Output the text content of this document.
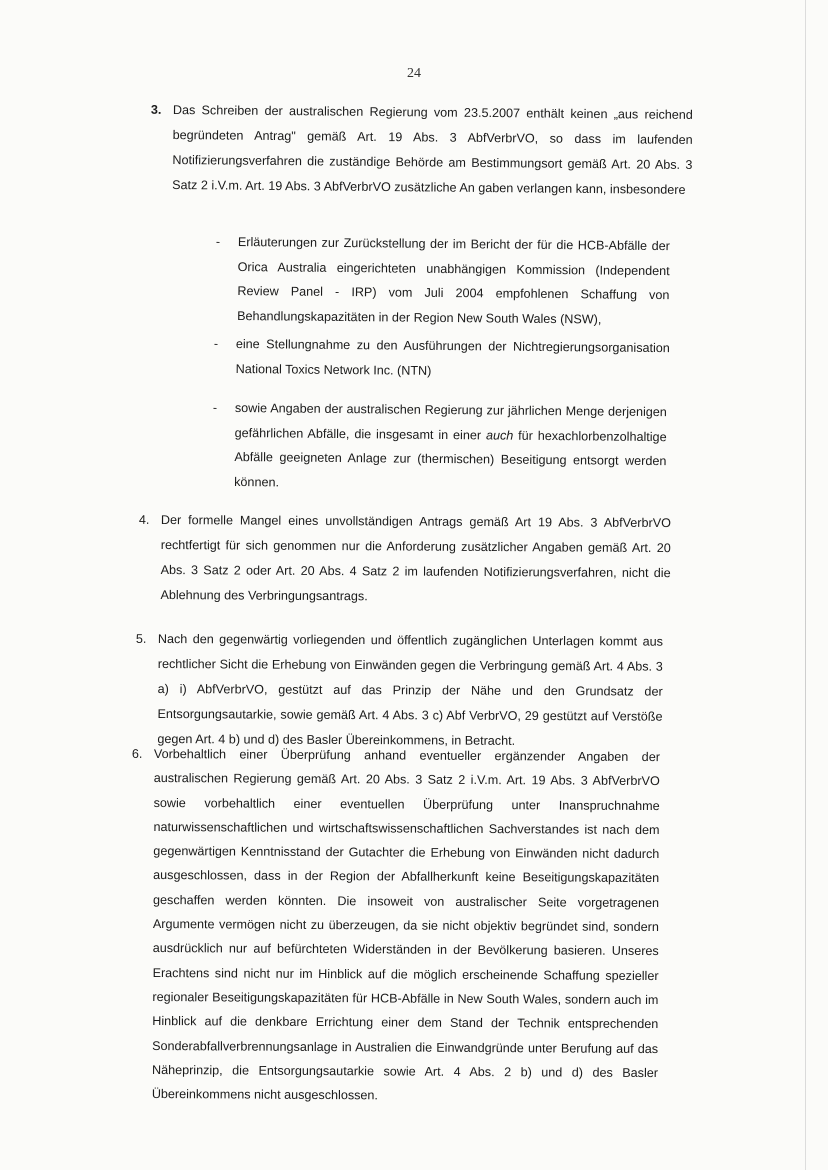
24
3. Das Schreiben der australischen Regierung vom 23.5.2007 enthält keinen „aus reichend begründeten Antrag" gemäß Art. 19 Abs. 3 AbfVerbrVO, so dass im laufenden Notifizierungsverfahren die zuständige Behörde am Bestimmungsort gemäß Art. 20 Abs. 3 Satz 2 i.V.m. Art. 19 Abs. 3 AbfVerbrVO zusätzliche An gaben verlangen kann, insbesondere
- Erläuterungen zur Zurückstellung der im Bericht der für die HCB-Abfälle der Orica Australia eingerichteten unabhängigen Kommission (Independent Review Panel - IRP) vom Juli 2004 empfohlenen Schaffung von Behandlungskapazitäten in der Region New South Wales (NSW),
- eine Stellungnahme zu den Ausführungen der Nichtregierungsorganisation National Toxics Network Inc. (NTN)
- sowie Angaben der australischen Regierung zur jährlichen Menge derjenigen gefährlichen Abfälle, die insgesamt in einer auch für hexachlorbenzolhaltige Abfälle geeigneten Anlage zur (thermischen) Beseitigung entsorgt werden können.
4. Der formelle Mangel eines unvollständigen Antrags gemäß Art 19 Abs. 3 AbfVerbrVO rechtfertigt für sich genommen nur die Anforderung zusätzlicher Angaben gemäß Art. 20 Abs. 3 Satz 2 oder Art. 20 Abs. 4 Satz 2 im laufenden Notifizierungsverfahren, nicht die Ablehnung des Verbringungsantrags.
5. Nach den gegenwärtig vorliegenden und öffentlich zugänglichen Unterlagen kommt aus rechtlicher Sicht die Erhebung von Einwänden gegen die Verbringung gemäß Art. 4 Abs. 3 a) i) AbfVerbrVO, gestützt auf das Prinzip der Nähe und den Grundsatz der Entsorgungsautarkie, sowie gemäß Art. 4 Abs. 3 c) Abf VerbrVO, 29 gestützt auf Verstöße gegen Art. 4 b) und d) des Basler Übereinkommens, in Betracht.
6. Vorbehaltlich einer Überprüfung anhand eventueller ergänzender Angaben der australischen Regierung gemäß Art. 20 Abs. 3 Satz 2 i.V.m. Art. 19 Abs. 3 AbfVerbrVO sowie vorbehaltlich einer eventuellen Überprüfung unter Inanspruchnahme naturwissenschaftlichen und wirtschaftswissenschaftlichen Sachverstandes ist nach dem gegenwärtigen Kenntnisstand der Gutachter die Erhebung von Einwänden nicht dadurch ausgeschlossen, dass in der Region der Abfallherkunft keine Beseitigungskapazitäten geschaffen werden könnten. Die insoweit von australischer Seite vorgetragenen Argumente vermögen nicht zu überzeugen, da sie nicht objektiv begründet sind, sondern ausdrücklich nur auf befürchteten Widerständen in der Bevölkerung basieren. Unseres Erachtens sind nicht nur im Hinblick auf die möglich erscheinende Schaffung spezieller regionaler Beseitigungskapazitäten für HCB-Abfälle in New South Wales, sondern auch im Hinblick auf die denkbare Errichtung einer dem Stand der Technik entsprechenden Sonderabfallverbrennungsanlage in Australien die Einwandgründe unter Berufung auf das Näheprinzip, die Entsorgungsautarkie sowie Art. 4 Abs. 2 b) und d) des Basler Übereinkommens nicht ausgeschlossen.
